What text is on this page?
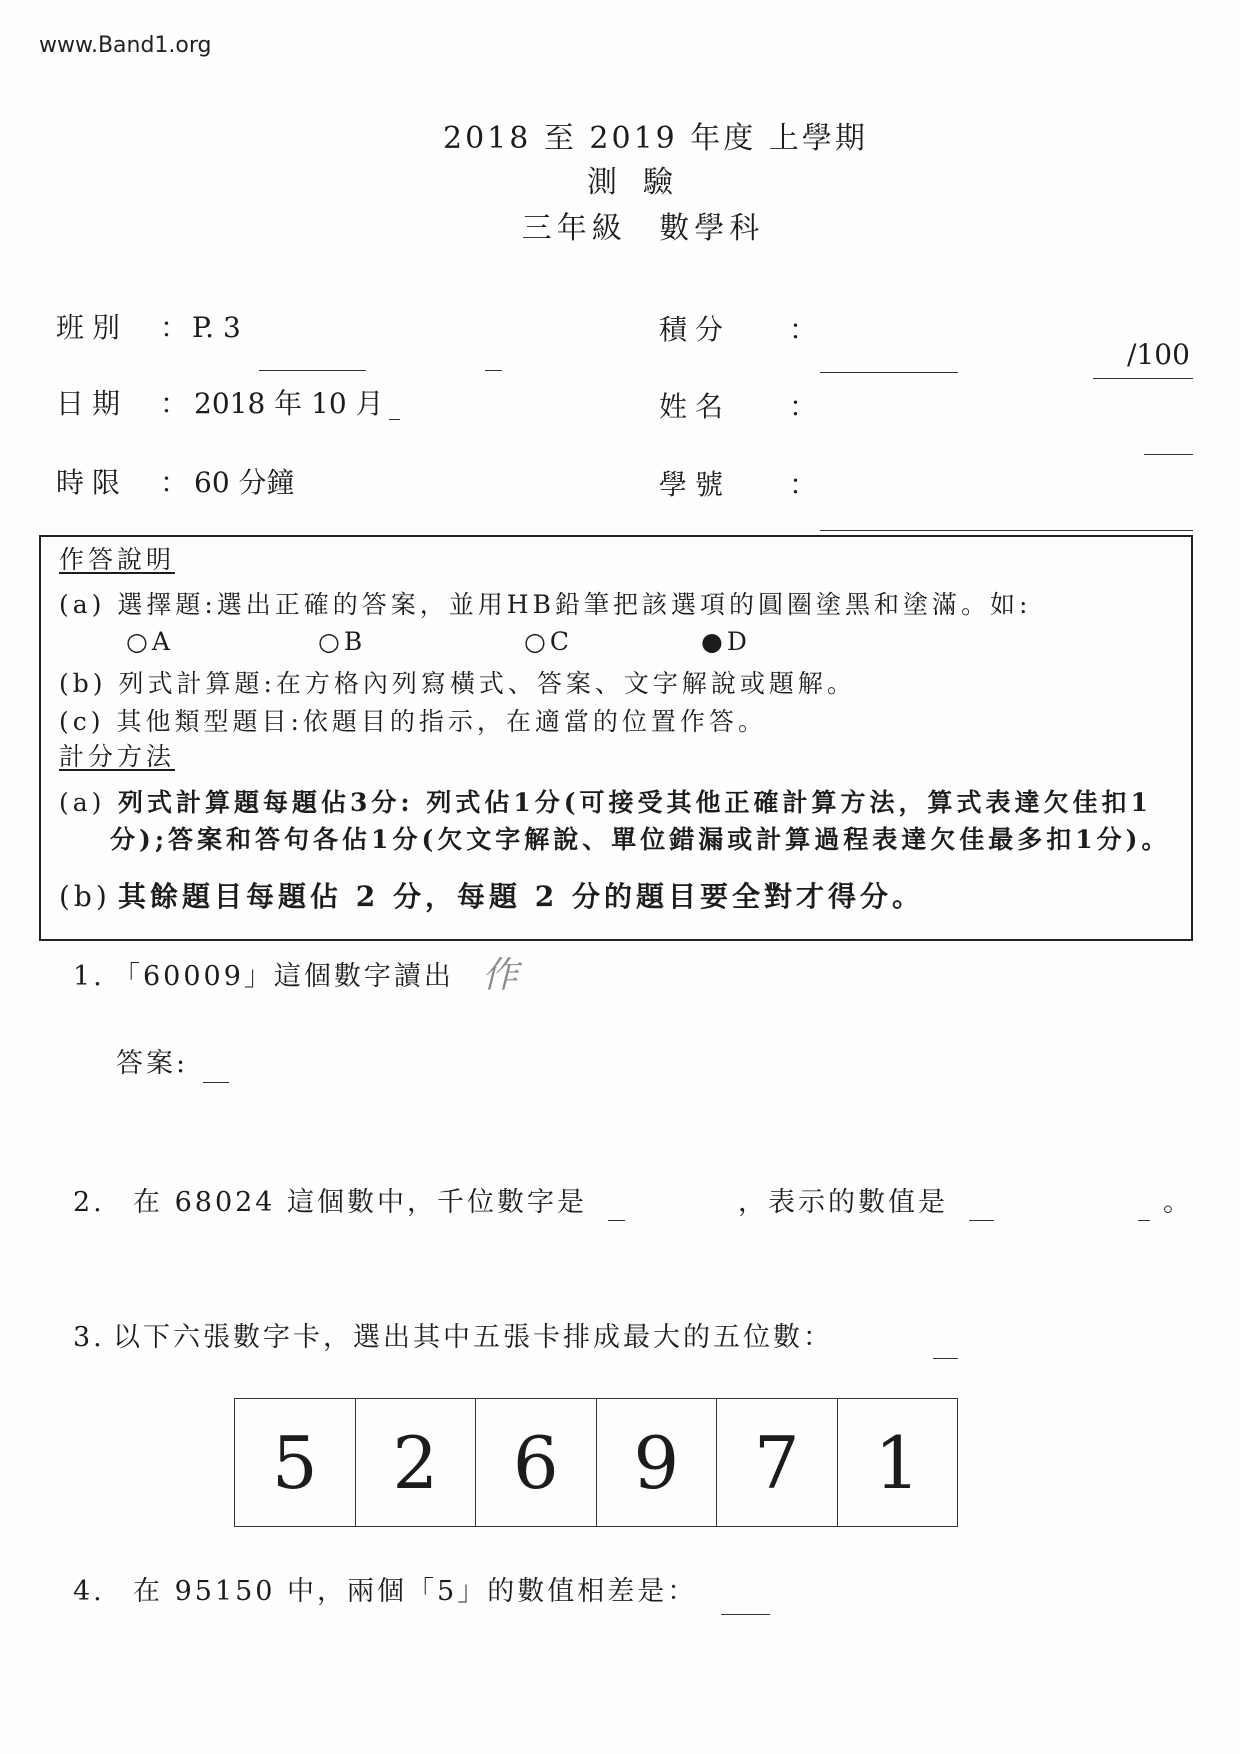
www.Band1.org
2018 至 2019 年度 上學期
測驗
三年級 數學科
班別 ： P. 3	積分 ：
/100
日期 ： 2018 年 10 月	姓名 ：
時限 ： 60 分鐘	學號 ：
作答說明
(a) 選擇題:選出正確的答案，並用HB鉛筆把該選項的圓圈塗黑和塗滿。如:
○A	○B	○C	●D
(b) 列式計算題:在方格內列寫橫式、答案、文字解說或題解。
(c) 其他類型題目:依題目的指示，在適當的位置作答。
計分方法
(a) 列式計算題每題佔3分: 列式佔1分(可接受其他正確計算方法，算式表達欠佳扣1
分);答案和答句各佔1分(欠文字解說、單位錯漏或計算過程表達欠佳最多扣1分)。
(b) 其餘題目每題佔 2 分，每題 2 分的題目要全對才得分。
1. 「60009」這個數字讀出 作
答案:
2. 在 68024 這個數中，千位數字是	，表示的數值是	。
3. 以下六張數字卡，選出其中五張卡排成最大的五位數：
5	2	6	9	7	1
4. 在 95150 中，兩個「5」的數值相差是：
